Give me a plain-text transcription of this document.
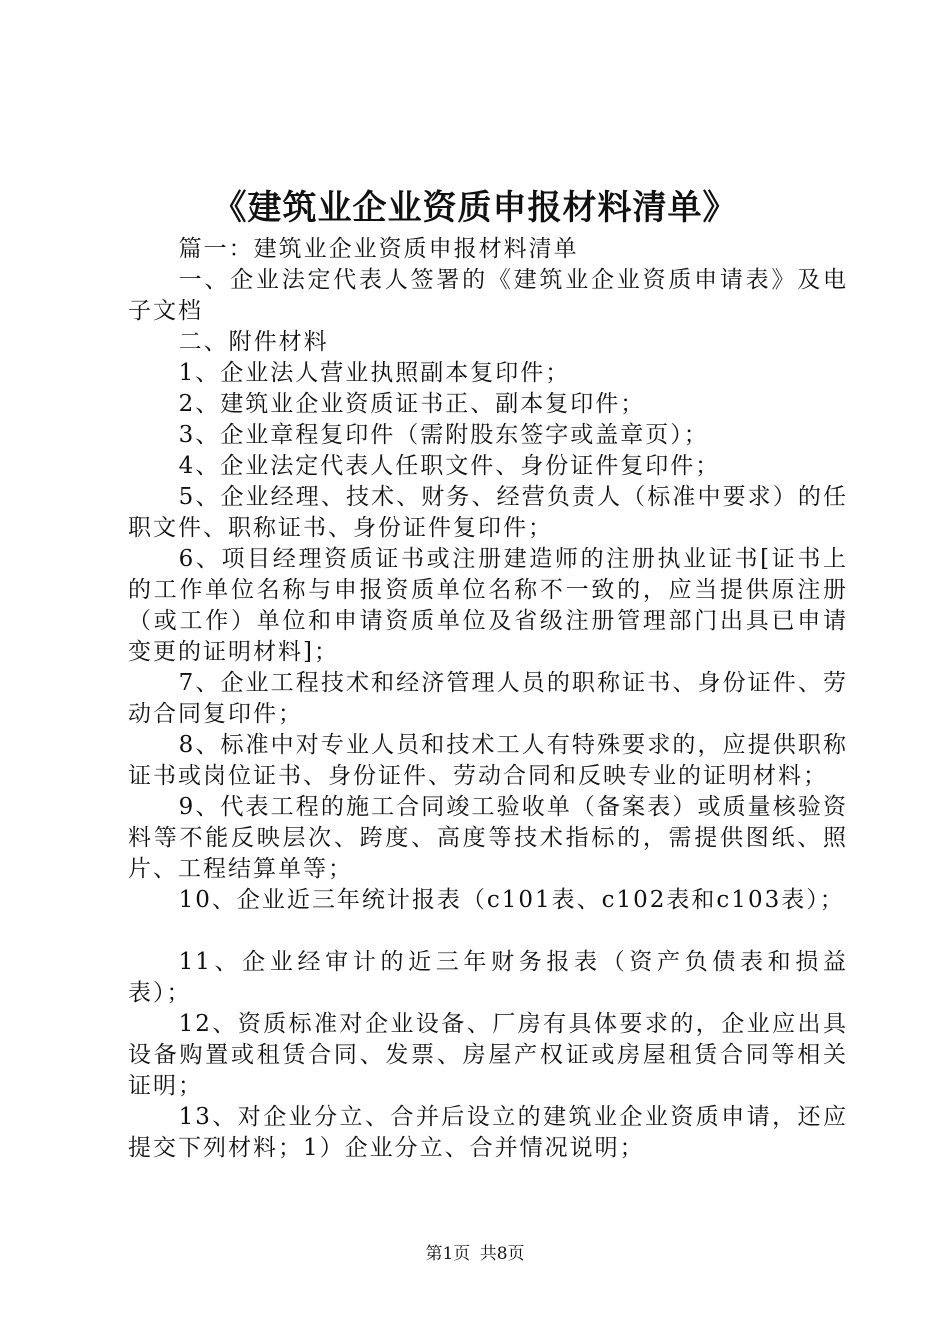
《建筑业企业资质申报材料清单》

篇一：建筑业企业资质申报材料清单

一、企业法定代表人签署的《建筑业企业资质申请表》及电子文档

二、附件材料

1、企业法人营业执照副本复印件；

2、建筑业企业资质证书正、副本复印件；

3、企业章程复印件（需附股东签字或盖章页）；

4、企业法定代表人任职文件、身份证件复印件；

5、企业经理、技术、财务、经营负责人（标准中要求）的任职文件、职称证书、身份证件复印件；

6、项目经理资质证书或注册建造师的注册执业证书[证书上的工作单位名称与申报资质单位名称不一致的，应当提供原注册（或工作）单位和申请资质单位及省级注册管理部门出具已申请变更的证明材料]；

7、企业工程技术和经济管理人员的职称证书、身份证件、劳动合同复印件；

8、标准中对专业人员和技术工人有特殊要求的，应提供职称证书或岗位证书、身份证件、劳动合同和反映专业的证明材料；

9、代表工程的施工合同竣工验收单（备案表）或质量核验资料等不能反映层次、跨度、高度等技术指标的，需提供图纸、照片、工程结算单等；

10、企业近三年统计报表（c101表、c102表和c103表）；

11、企业经审计的近三年财务报表（资产负债表和损益表）；

12、资质标准对企业设备、厂房有具体要求的，企业应出具设备购置或租赁合同、发票、房屋产权证或房屋租赁合同等相关证明；

13、对企业分立、合并后设立的建筑业企业资质申请，还应提交下列材料；1）企业分立、合并情况说明；

第1页 共8页
